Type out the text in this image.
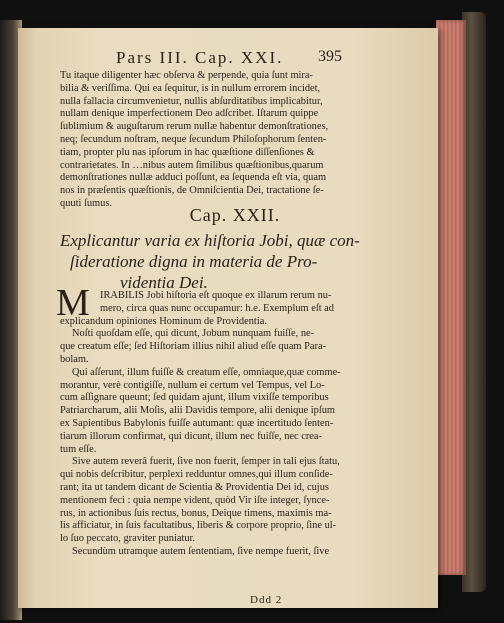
Pars III. Cap. XXI. 395
Tu itaque diligenter hæc obſerva & perpende, quia ſunt mira-
bilia & veriſſima. Qui ea ſequitur, is in nullum errorem incidet,
nulla fallacia circumvenietur, nullis abſurditatibus implicabitur,
nullam denique imperfectionem Deo adſcribet. Iſtarum quippe
ſublimium & auguſtarum rerum nullæ habentur demonſtrationes,
neq; ſecundum noſtram, neque ſecundum Philoſophorum ſenten-
tiam, propter plu nas ipſorum in hac quæſtione diſſenſiones &
contrarietates. In …nibus autem ſimilibus quæſtionibus,quarum
demonſtrationes nullæ adduci poſſunt, ea ſequenda eſt via, quam
nos in præſentis quæſtionis, de Omniſcientia Dei, tractatione ſe-
quuti ſumus.
Cap. XXII.
Explicantur varia ex hiſtoria Jobi, quæ con-
ſideratione digna in materia de Pro-
videntia Dei.
M IRABILIS Jobi hiſtoria eſt quoque ex illarum rerum nu-
mero, circa quas nunc occupamur: h.e. Exemplum eſt ad
explicandum opiniones Hominum de Providentia.
Noſti quoſdam eſſe, qui dicunt, Jobum nunquam fuiſſe, ne-
que creatum eſſe; ſed Hiſtoriam illius nihil aliud eſſe quam Para-
bolam.
Qui aſſerunt, illum fuiſſe & creatum eſſe, omniaque,quæ comme-
morantur, verè contigiſſe, nullum ei certum vel Tempus, vel Lo-
cum aſſignare queunt; ſed quidam ajunt, illum vixiſſe temporibus
Patriarcharum, alii Moſis, alii Davidis tempore, alii denique ipſum
ex Sapientibus Babylonis fuiſſe autumant: quæ incertitudo ſenten-
tiarum illorum confirmat, qui dicunt, illum nec fuiſſe, nec crea-
tum eſſe.
Sive autem reverâ fuerit, ſive non fuerit, ſemper in tali ejus ſtatu,
qui nobis deſcribitur, perplexi redduntur omnes,qui illum conſide-
rant; ita ut tandem dicant de Scientia & Providentia Dei id, cujus
mentionem feci : quia nempe vident, quòd Vir iſte integer, ſynce-
rus, in actionibus ſuis rectus, bonus, Deique timens, maximis ma-
lis afficiatur, in ſuis facultatibus, liberis & corpore proprio, ſine ul-
lo ſuo peccato, graviter puniatur.
Secundùm utramque autem ſententiam, ſive nempe fuerit, ſive
Ddd 2
